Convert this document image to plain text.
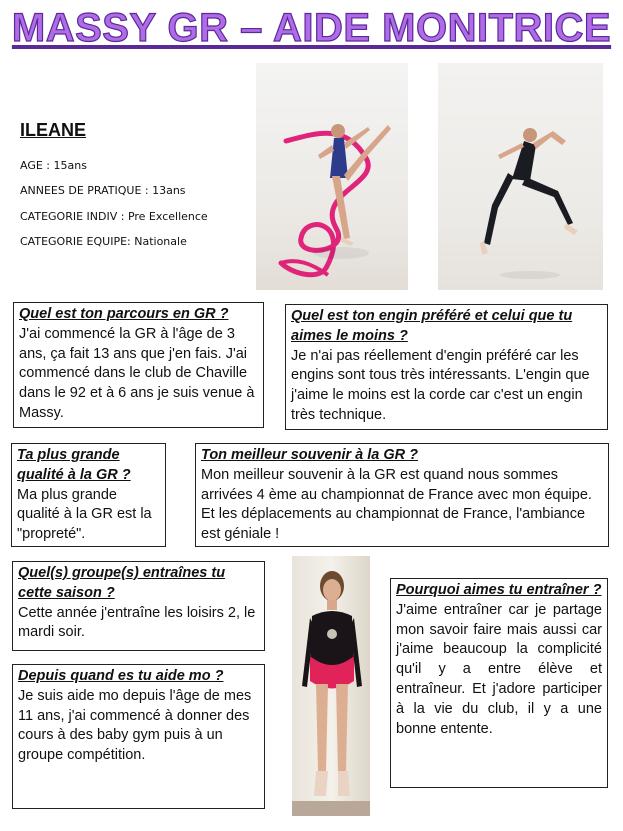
MASSY GR – AIDE MONITRICE
ILEANE
AGE : 15ans
ANNEES DE PRATIQUE : 13ans
CATEGORIE INDIV : Pre Excellence
CATEGORIE EQUIPE: Nationale
Quel est ton parcours en GR ?
J'ai commencé la GR à l'âge de 3 ans, ça fait 13 ans que j'en fais. J'ai commencé dans le club de Chaville dans le 92 et à 6 ans je suis venue à Massy.
Quel est ton engin préféré et celui que tu aimes le moins ?
Je n'ai pas réellement d'engin préféré car les engins sont tous très intéressants. L'engin que j'aime le moins est la corde car c'est un engin très technique.
Ta plus grande qualité à la GR ?
Ma plus grande qualité à la GR est la "propreté".
Ton meilleur souvenir à la GR ?
Mon meilleur souvenir à la GR est quand nous sommes arrivées 4 ème au championnat de France avec mon équipe. Et les déplacements au championnat de France, l'ambiance est géniale !
Quel(s) groupe(s) entraînes tu cette saison ?
Cette année j'entraîne les loisirs 2, le mardi soir.
Depuis quand es tu aide mo ?
Je suis aide mo depuis l'âge de mes 11 ans, j'ai commencé à donner des cours à des baby gym puis à un groupe compétition.
Pourquoi aimes tu entraîner ?
J'aime entraîner car je partage mon savoir faire mais aussi car j'aime beaucoup la complicité qu'il y a entre élève et entraîneur. Et j'adore participer à la vie du club, il y a une bonne entente.
